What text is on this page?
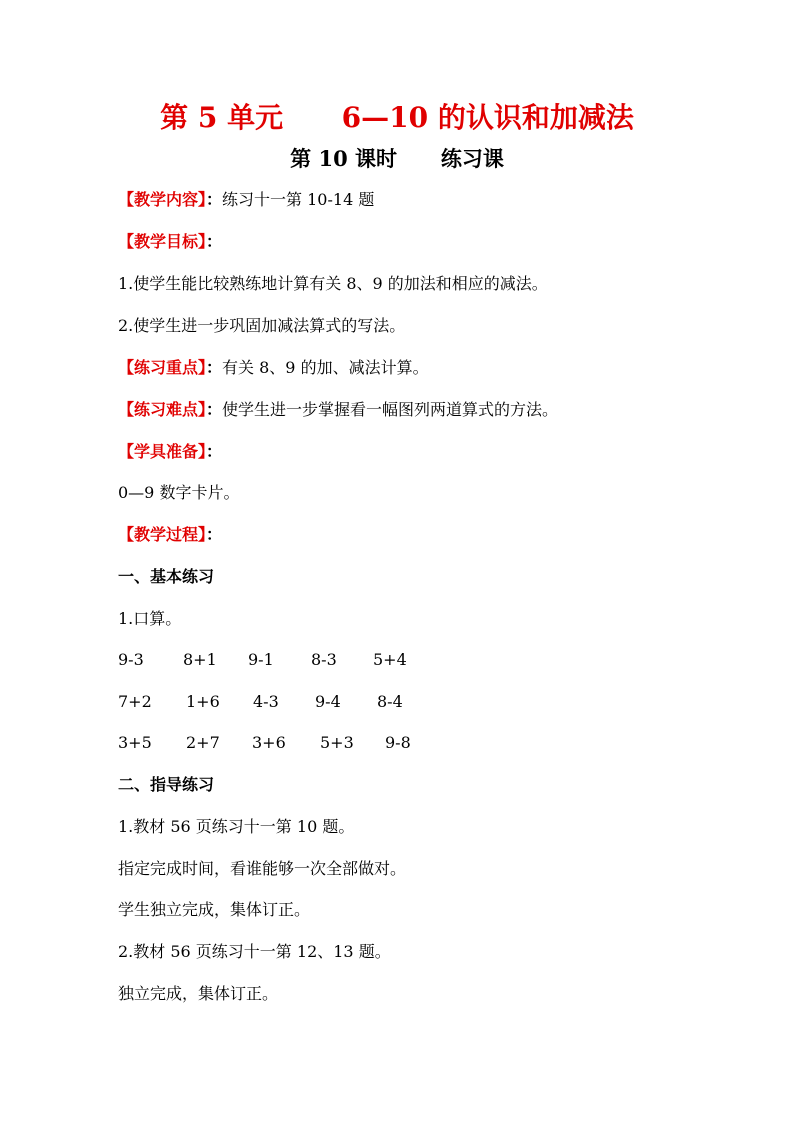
第 5 单元      6—10 的认识和加减法
第 10 课时      练习课
【教学内容】：练习十一第 10-14 题
【教学目标】：
1.使学生能比较熟练地计算有关 8、9 的加法和相应的减法。
2.使学生进一步巩固加减法算式的写法。
【练习重点】：有关 8、9 的加、减法计算。
【练习难点】：使学生进一步掌握看一幅图列两道算式的方法。
【学具准备】：
0—9 数字卡片。
【教学过程】：
一、基本练习
1.口算。
9-3 8+1 9-1 8-3 5+4
7+2 1+6 4-3 9-4 8-4
3+5 2+7 3+6 5+3 9-8
二、指导练习
1.教材 56 页练习十一第 10 题。
指定完成时间，看谁能够一次全部做对。
学生独立完成，集体订正。
2.教材 56 页练习十一第 12、13 题。
独立完成，集体订正。
